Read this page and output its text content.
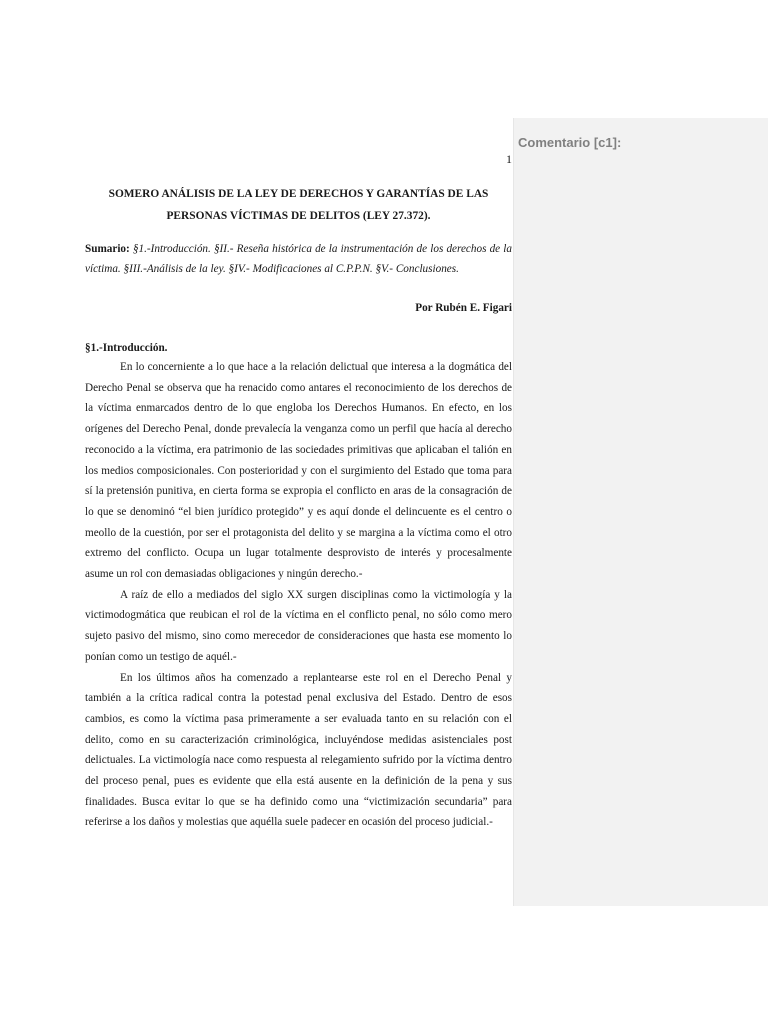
Comentario [c1]:
1
SOMERO ANÁLISIS DE LA LEY DE DERECHOS Y GARANTÍAS DE LAS PERSONAS VÍCTIMAS DE DELITOS (LEY 27.372).

Sumario: §1.-Introducción. §II.- Reseña histórica de la instrumentación de los derechos de la víctima. §III.-Análisis de la ley. §IV.- Modificaciones al C.P.P.N. §V.- Conclusiones.

Por Rubén E. Figari
§1.-Introducción.

En lo concerniente a lo que hace a la relación delictual que interesa a la dogmática del Derecho Penal se observa que ha renacido como antares el reconocimiento de los derechos de la víctima enmarcados dentro de lo que engloba los Derechos Humanos. En efecto, en los orígenes del Derecho Penal, donde prevalecía la venganza como un perfil que hacía al derecho reconocido a la víctima, era patrimonio de las sociedades primitivas que aplicaban el talión en los medios composicionales. Con posterioridad y con el surgimiento del Estado que toma para sí la pretensión punitiva, en cierta forma se expropia el conflicto en aras de la consagración de lo que se denominó “el bien jurídico protegido” y es aquí donde el delincuente es el centro o meollo de la cuestión, por ser el protagonista del delito y se margina a la víctima como el otro extremo del conflicto. Ocupa un lugar totalmente desprovisto de interés y procesalmente asume un rol con demasiadas obligaciones y ningún derecho.-

A raíz de ello a mediados del siglo XX surgen disciplinas como la victimología y la victimodogmática que reubican el rol de la víctima en el conflicto penal, no sólo como mero sujeto pasivo del mismo, sino como merecedor de consideraciones que hasta ese momento lo ponían como un testigo de aquél.-

En los últimos años ha comenzado a replantearse este rol en el Derecho Penal y también a la crítica radical contra la potestad penal exclusiva del Estado. Dentro de esos cambios, es como la víctima pasa primeramente a ser evaluada tanto en su relación con el delito, como en su caracterización criminológica, incluyéndose medidas asistenciales post delictuales. La victimología nace como respuesta al relegamiento sufrido por la víctima dentro del proceso penal, pues es evidente que ella está ausente en la definición de la pena y sus finalidades. Busca evitar lo que se ha definido como una “victimización secundaria” para referirse a los daños y molestias que aquélla suele padecer en ocasión del proceso judicial.-
